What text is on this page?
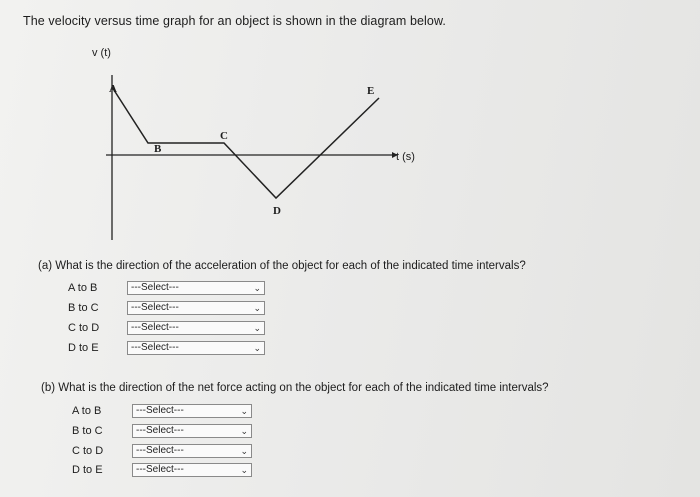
The velocity versus time graph for an object is shown in the diagram below.
v (t)
t (s)
A
B
C
D
E
(a) What is the direction of the acceleration of the object for each of the indicated time intervals?
A to B	---Select---	⌄
B to C	---Select---	⌄
C to D	---Select---	⌄
D to E	---Select---	⌄
(b) What is the direction of the net force acting on the object for each of the indicated time intervals?
A to B	---Select---	⌄
B to C	---Select---	⌄
C to D	---Select---	⌄
D to E	---Select---	⌄
